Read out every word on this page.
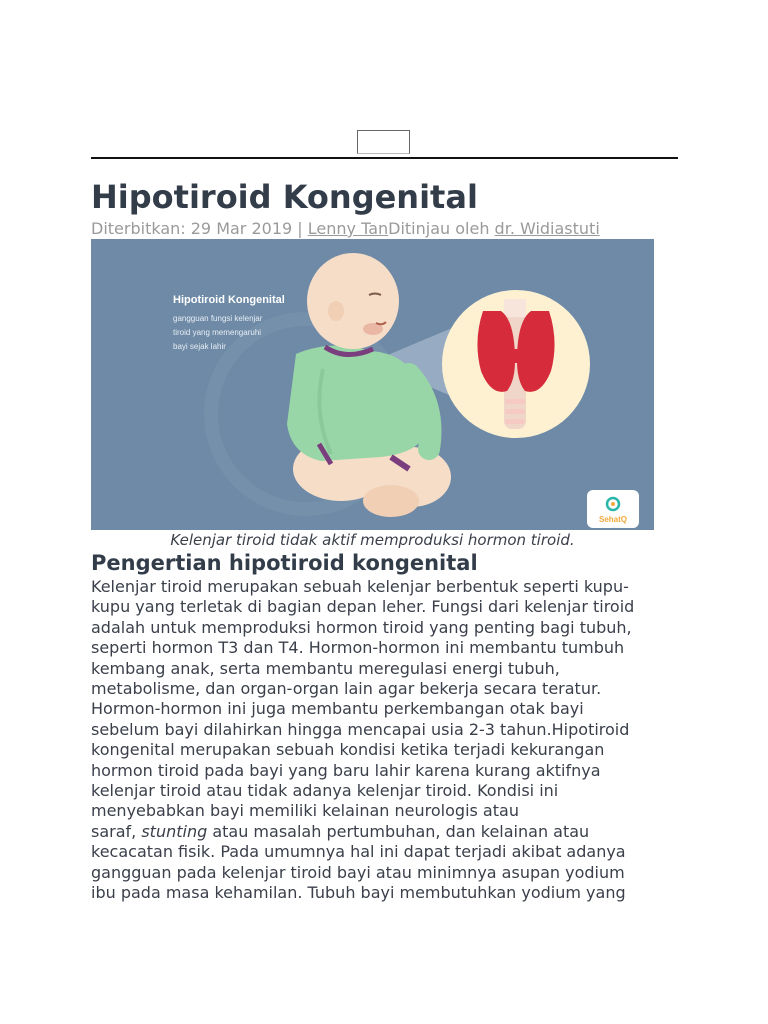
Hipotiroid Kongenital
Diterbitkan: 29 Mar 2019 | Lenny TanDitinjau oleh dr. Widiastuti
Hipotiroid Kongenital
gangguan fungsi kelenjar
tiroid yang memengaruhi
bayi sejak lahir
SehatQ
Kelenjar tiroid tidak aktif memproduksi hormon tiroid.
Pengertian hipotiroid kongenital

Kelenjar tiroid merupakan sebuah kelenjar berbentuk seperti kupu-
kupu yang terletak di bagian depan leher. Fungsi dari kelenjar tiroid
adalah untuk memproduksi hormon tiroid yang penting bagi tubuh,
seperti hormon T3 dan T4. Hormon-hormon ini membantu tumbuh
kembang anak, serta membantu meregulasi energi tubuh,
metabolisme, dan organ-organ lain agar bekerja secara teratur.
Hormon-hormon ini juga membantu perkembangan otak bayi
sebelum bayi dilahirkan hingga mencapai usia 2-3 tahun.Hipotiroid
kongenital merupakan sebuah kondisi ketika terjadi kekurangan
hormon tiroid pada bayi yang baru lahir karena kurang aktifnya
kelenjar tiroid atau tidak adanya kelenjar tiroid. Kondisi ini
menyebabkan bayi memiliki kelainan neurologis atau
saraf, stunting atau masalah pertumbuhan, dan kelainan atau
kecacatan fisik. Pada umumnya hal ini dapat terjadi akibat adanya
gangguan pada kelenjar tiroid bayi atau minimnya asupan yodium
ibu pada masa kehamilan. Tubuh bayi membutuhkan yodium yang
